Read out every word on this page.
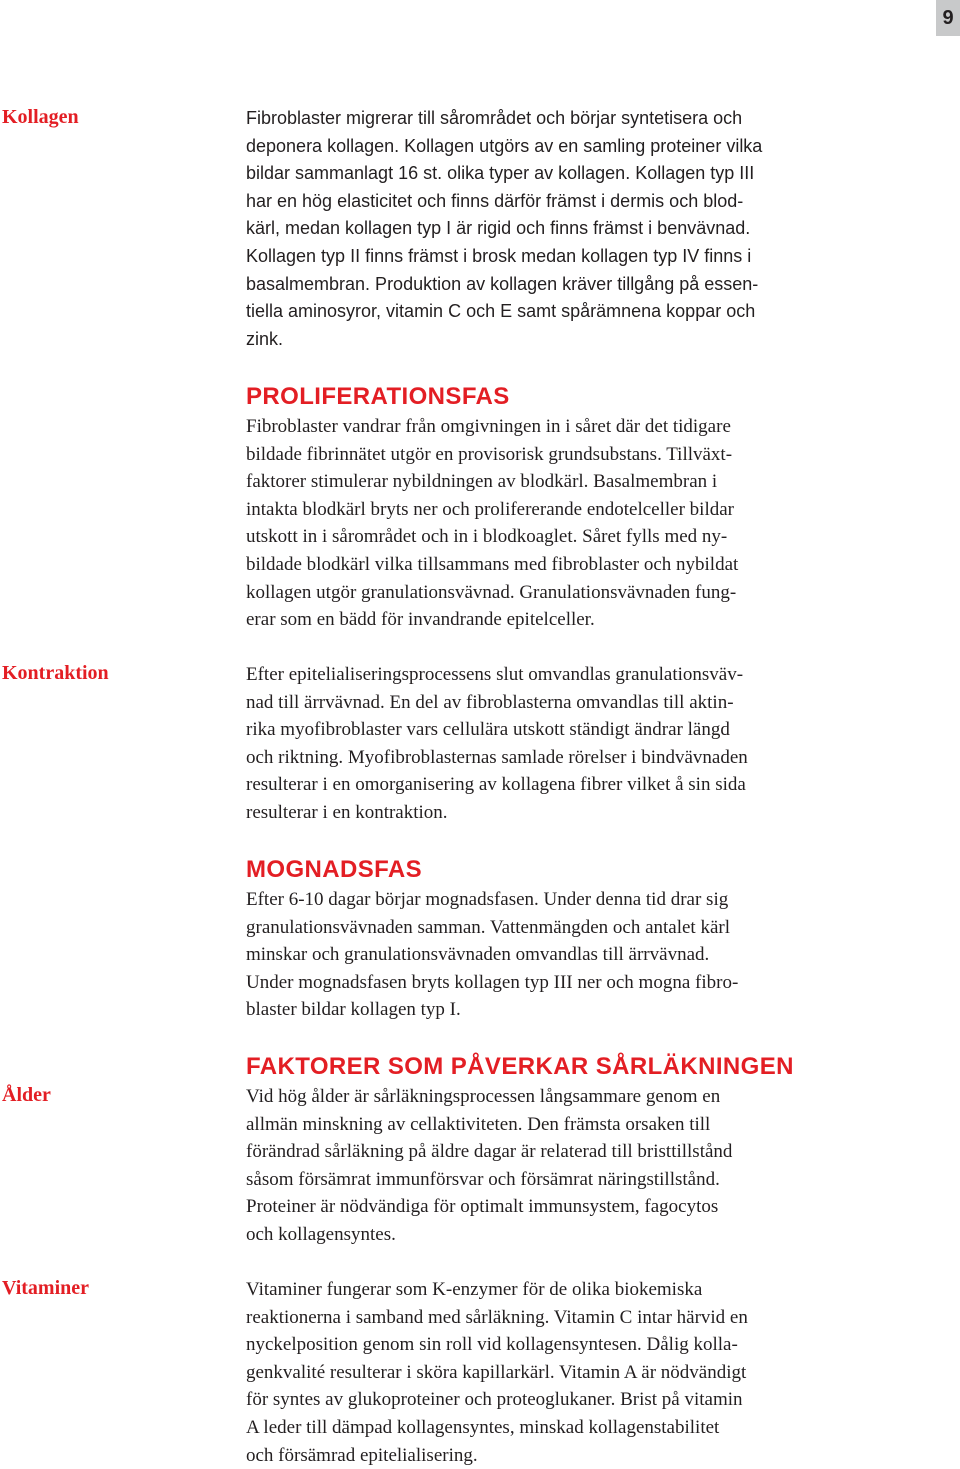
9
Kollagen	Fibroblaster migrerar till sårområdet och börjar syntetisera och
deponera kollagen. Kollagen utgörs av en samling proteiner vilka
bildar sammanlagt 16 st. olika typer av kollagen. Kollagen typ III
har en hög elasticitet och finns därför främst i dermis och blod-
kärl, medan kollagen typ I är rigid och finns främst i benvävnad.
Kollagen typ II finns främst i brosk medan kollagen typ IV finns i
basalmembran. Produktion av kollagen kräver tillgång på essen-
tiella aminosyror, vitamin C och E samt spårämnena koppar och
zink.

PROLIFERATIONSFAS

Fibroblaster vandrar från omgivningen in i såret där det tidigare
bildade fibrinnätet utgör en provisorisk grundsubstans. Tillväxt-
faktorer stimulerar nybildningen av blodkärl. Basalmembran i
intakta blodkärl bryts ner och prolifererande endotelceller bildar
utskott in i sårområdet och in i blodkoaglet. Såret fylls med ny-
bildade blodkärl vilka tillsammans med fibroblaster och nybildat
kollagen utgör granulationsvävnad. Granulationsvävnaden fung-
erar som en bädd för invandrande epitelceller.

Kontraktion	Efter epitelialiseringsprocessens slut omvandlas granulationsväv-
nad till ärrvävnad. En del av fibroblasterna omvandlas till aktin-
rika myofibroblaster vars cellulära utskott ständigt ändrar längd
och riktning. Myofibroblasternas samlade rörelser i bindvävnaden
resulterar i en omorganisering av kollagena fibrer vilket å sin sida
resulterar i en kontraktion.

MOGNADSFAS

Efter 6-10 dagar börjar mognadsfasen. Under denna tid drar sig
granulationsvävnaden samman. Vattenmängden och antalet kärl
minskar och granulationsvävnaden omvandlas till ärrvävnad.
Under mognadsfasen bryts kollagen typ III ner och mogna fibro-
blaster bildar kollagen typ I.

FAKTORER SOM PÅVERKAR SÅRLÄKNINGEN
Ålder	Vid hög ålder är sårläkningsprocessen långsammare genom en
allmän minskning av cellaktiviteten. Den främsta orsaken till
förändrad sårläkning på äldre dagar är relaterad till bristtillstånd
såsom försämrat immunförsvar och försämrat näringstillstånd.
Proteiner är nödvändiga för optimalt immunsystem, fagocytos
och kollagensyntes.

Vitaminer	Vitaminer fungerar som K-enzymer för de olika biokemiska
reaktionerna i samband med sårläkning. Vitamin C intar härvid en
nyckelposition genom sin roll vid kollagensyntesen. Dålig kolla-
genkvalité resulterar i sköra kapillarkärl. Vitamin A är nödvändigt
för syntes av glukoproteiner och proteoglukaner. Brist på vitamin
A leder till dämpad kollagensyntes, minskad kollagenstabilitet
och försämrad epitelialisering.
